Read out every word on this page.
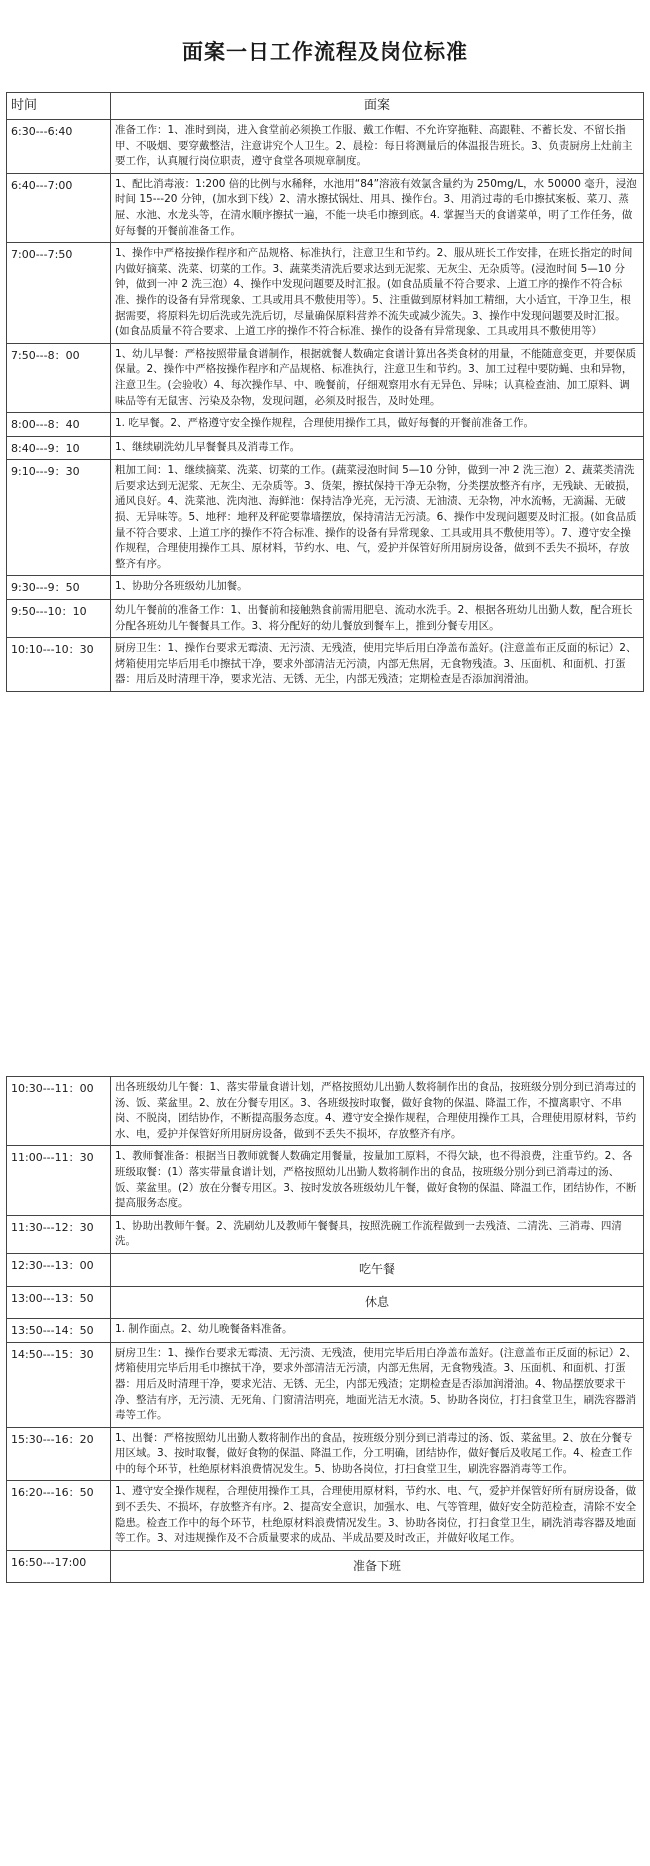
面案一日工作流程及岗位标准
时间	面案
6:30---6:40	准备工作：1、准时到岗，进入食堂前必须换工作服、戴工作帽、不允许穿拖鞋、高跟鞋、不蓄长发、不留长指甲、不吸烟、要穿戴整洁，注意讲究个人卫生。2、晨检：每日将测量后的体温报告班长。3、负责厨房上灶前主要工作，认真履行岗位职责，遵守食堂各项规章制度。
6:40---7:00	1、配比消毒液：1:200 倍的比例与水稀释，水池用“84”溶液有效氯含量约为 250mg/L，水 50000 毫升，浸泡时间 15---20 分钟，(加水到下线）2、清水擦拭锅灶、用具、操作台。3、用消过毒的毛巾擦拭案板、菜刀、蒸屉、水池、水龙头等，在清水顺序擦拭一遍，不能一块毛巾擦到底。4. 掌握当天的食谱菜单，明了工作任务，做好每餐的开餐前准备工作。
7:00---7:50	1、操作中严格按操作程序和产品规格、标准执行，注意卫生和节约。2、服从班长工作安排，在班长指定的时间内做好摘菜、洗菜、切菜的工作。3、蔬菜类清洗后要求达到无泥浆、无灰尘、无杂质等。(浸泡时间 5—10 分钟，做到一冲 2 洗三泡）4、操作中发现问题要及时汇报。(如食品质量不符合要求、上道工序的操作不符合标准、操作的设备有异常现象、工具或用具不敷使用等）。5、注重做到原材料加工精细，大小适宜，干净卫生，根据需要，将原料先切后洗或先洗后切，尽量确保原料营养不流失或减少流失。3、操作中发现问题要及时汇报。(如食品质量不符合要求、上道工序的操作不符合标准、操作的设备有异常现象、工具或用具不敷使用等）
7:50---8：00	1、幼儿早餐：严格按照带量食谱制作，根据就餐人数确定食谱计算出各类食材的用量，不能随意变更，并要保质保量。2、操作中严格按操作程序和产品规格、标准执行，注意卫生和节约。3、加工过程中要防蝇、虫和异物，注意卫生。(会验收）4、每次操作早、中、晚餐前，仔细观察用水有无异色、异味；认真检查油、加工原料、调味品等有无鼠害、污染及杂物，发现问题，必须及时报告，及时处理。
8:00---8：40	1. 吃早餐。2、严格遵守安全操作规程，合理使用操作工具，做好每餐的开餐前准备工作。
8:40---9：10	1、继续刷洗幼儿早餐餐具及消毒工作。
9:10---9：30	粗加工间：1、继续摘菜、洗菜、切菜的工作。(蔬菜浸泡时间 5—10 分钟，做到一冲 2 洗三泡）2、蔬菜类清洗后要求达到无泥浆、无灰尘、无杂质等。3、货架，擦拭保持干净无杂物，分类摆放整齐有序，无残缺、无破损，通风良好。4、洗菜池、洗肉池、海鲜池：保持洁净光亮，无污渍、无油渍、无杂物，冲水流畅，无滴漏、无破损、无异味等。5、地秤：地秤及秤砣要靠墙摆放，保持清洁无污渍。6、操作中发现问题要及时汇报。(如食品质量不符合要求、上道工序的操作不符合标准、操作的设备有异常现象、工具或用具不敷使用等）。7、遵守安全操作规程，合理使用操作工具、原材料，节约水、电、气，爱护并保管好所用厨房设备，做到不丢失不损坏，存放整齐有序。
9:30---9：50	1、协助分各班级幼儿加餐。
9:50---10：10	幼儿午餐前的准备工作：1、出餐前和接触熟食前需用肥皂、流动水洗手。2、根据各班幼儿出勤人数，配合班长分配各班幼儿午餐餐具工作。3、将分配好的幼儿餐放到餐车上，推到分餐专用区。
10:10---10：30	厨房卫生：1、操作台要求无霉渍、无污渍、无残渣，使用完毕后用白净盖布盖好。(注意盖布正反面的标记）2、烤箱使用完毕后用毛巾擦拭干净，要求外部清洁无污渍，内部无焦屑，无食物残渣。3、压面机、和面机、打蛋器：用后及时清理干净，要求光洁、无锈、无尘，内部无残渣；定期检查是否添加润滑油。
10:30---11：00	出各班级幼儿午餐：1、落实带量食谱计划，严格按照幼儿出勤人数将制作出的食品，按班级分别分到已消毒过的汤、饭、菜盆里。2、放在分餐专用区。3、各班级按时取餐，做好食物的保温、降温工作，不擅离职守、不串岗、不脱岗，团结协作，不断提高服务态度。4、遵守安全操作规程，合理使用操作工具，合理使用原材料，节约水、电，爱护并保管好所用厨房设备，做到不丢失不损坏，存放整齐有序。
11:00---11：30	1、教师餐准备：根据当日教师就餐人数确定用餐量，按量加工原料，不得欠缺，也不得浪费，注重节约。2、各班级取餐：(1）落实带量食谱计划，严格按照幼儿出勤人数将制作出的食品，按班级分别分到已消毒过的汤、饭、菜盆里。(2）放在分餐专用区。3、按时发放各班级幼儿午餐，做好食物的保温、降温工作，团结协作，不断提高服务态度。
11:30---12：30	1、协助出教师午餐。2、洗刷幼儿及教师午餐餐具，按照洗碗工作流程做到一去残渣、二清洗、三消毒、四清洗。
12:30---13：00	吃午餐
13:00---13：50	休息
13:50---14：50	1. 制作面点。2、幼儿晚餐备料准备。
14:50---15：30	厨房卫生：1、操作台要求无霉渍、无污渍、无残渣，使用完毕后用白净盖布盖好。(注意盖布正反面的标记）2、烤箱使用完毕后用毛巾擦拭干净，要求外部清洁无污渍，内部无焦屑，无食物残渣。3、压面机、和面机、打蛋器：用后及时清理干净，要求光洁、无锈、无尘，内部无残渣；定期检查是否添加润滑油。4、物品摆放要求干净、整洁有序，无污渍、无死角、门窗清洁明亮，地面光洁无水渍。5、协助各岗位，打扫食堂卫生，刷洗容器消毒等工作。
15:30---16：20	1、出餐：严格按照幼儿出勤人数将制作出的食品，按班级分别分到已消毒过的汤、饭、菜盆里。2、放在分餐专用区域。3、按时取餐，做好食物的保温、降温工作，分工明确，团结协作，做好餐后及收尾工作。4、检查工作中的每个环节，杜绝原材料浪费情况发生。5、协助各岗位，打扫食堂卫生，刷洗容器消毒等工作。
16:20---16：50	1、遵守安全操作规程，合理使用操作工具，合理使用原材料，节约水、电、气，爱护并保管好所有厨房设备，做到不丢失、不损坏，存放整齐有序。2、提高安全意识，加强水、电、气等管理，做好安全防范检查，清除不安全隐患。检查工作中的每个环节，杜绝原材料浪费情况发生。3、协助各岗位，打扫食堂卫生，刷洗消毒容器及地面等工作。3、对违规操作及不合质量要求的成品、半成品要及时改正，并做好收尾工作。
16:50---17:00	准备下班
